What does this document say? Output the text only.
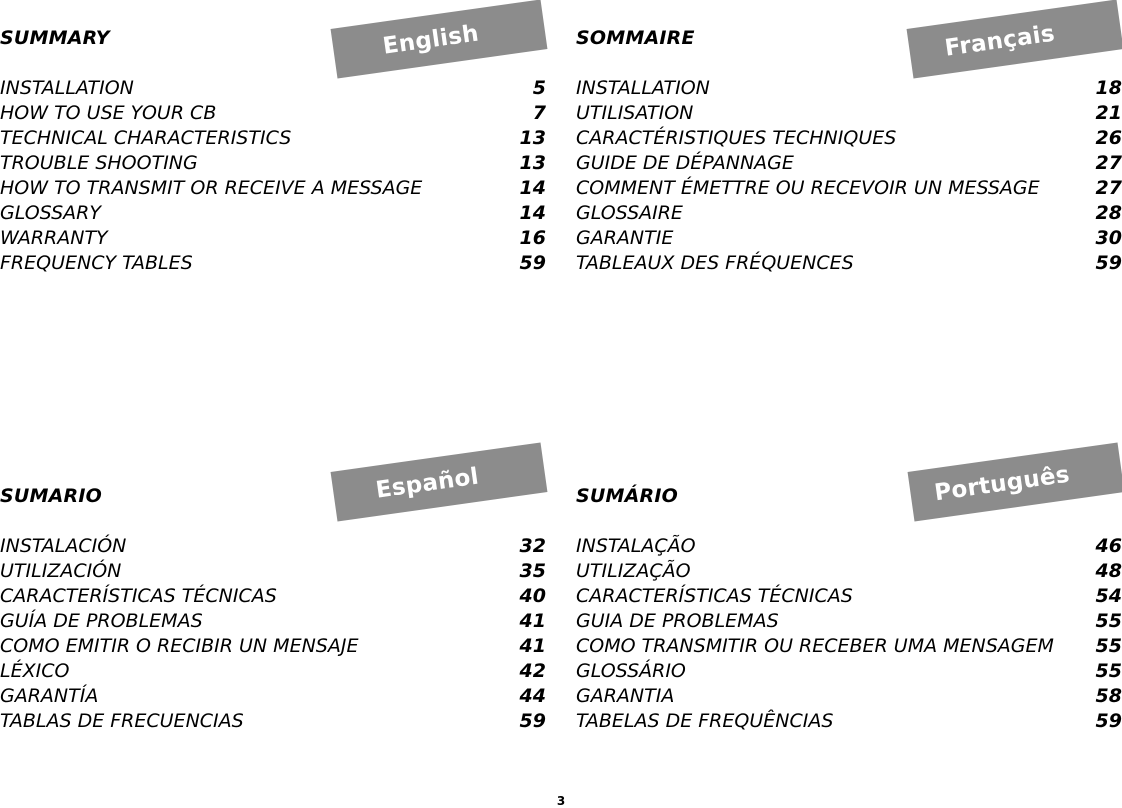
SUMMARY	English
INSTALLATION	5
HOW TO USE YOUR CB	7
TECHNICAL CHARACTERISTICS	13
TROUBLE SHOOTING	13
HOW TO TRANSMIT OR RECEIVE A MESSAGE	14
GLOSSARY	14
WARRANTY	16
FREQUENCY TABLES	59
SOMMAIRE	Français
INSTALLATION	18
UTILISATION	21
CARACTÉRISTIQUES TECHNIQUES	26
GUIDE DE DÉPANNAGE	27
COMMENT ÉMETTRE OU RECEVOIR UN MESSAGE	27
GLOSSAIRE	28
GARANTIE	30
TABLEAUX DES FRÉQUENCES	59
SUMARIO	Español
INSTALACIÓN	32
UTILIZACIÓN	35
CARACTERÍSTICAS TÉCNICAS	40
GUÍA DE PROBLEMAS	41
COMO EMITIR O RECIBIR UN MENSAJE	41
LÉXICO	42
GARANTÍA	44
TABLAS DE FRECUENCIAS	59
SUMÁRIO	Português
INSTALAÇÃO	46
UTILIZAÇÃO	48
CARACTERÍSTICAS TÉCNICAS	54
GUIA DE PROBLEMAS	55
COMO TRANSMITIR OU RECEBER UMA MENSAGEM 55
GLOSSÁRIO	55
GARANTIA	58
TABELAS DE FREQUÊNCIAS	59
3
